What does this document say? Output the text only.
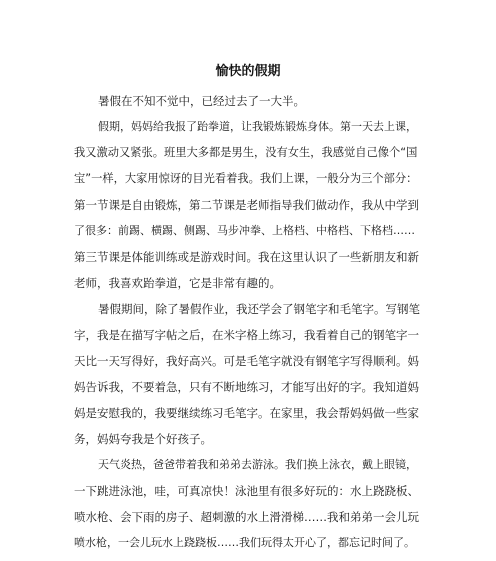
愉快的假期
暑假在不知不觉中，已经过去了一大半。
假期，妈妈给我报了跆拳道，让我锻炼锻炼身体。第一天去上课，
我又激动又紧张。班里大多都是男生，没有女生，我感觉自己像个“国
宝”一样，大家用惊讶的目光看着我。我们上课，一般分为三个部分：
第一节课是自由锻炼，第二节课是老师指导我们做动作，我从中学到
了很多：前踢、横踢、侧踢、马步冲拳、上格档、中格档、下格档……
第三节课是体能训练或是游戏时间。我在这里认识了一些新朋友和新
老师，我喜欢跆拳道，它是非常有趣的。
暑假期间，除了暑假作业，我还学会了钢笔字和毛笔字。写钢笔
字，我是在描写字帖之后，在米字格上练习，我看着自己的钢笔字一
天比一天写得好，我好高兴。可是毛笔字就没有钢笔字写得顺利。妈
妈告诉我，不要着急，只有不断地练习，才能写出好的字。我知道妈
妈是安慰我的，我要继续练习毛笔字。在家里，我会帮妈妈做一些家
务，妈妈夸我是个好孩子。
天气炎热，爸爸带着我和弟弟去游泳。我们换上泳衣，戴上眼镜，
一下跳进泳池，哇，可真凉快！泳池里有很多好玩的：水上跷跷板、
喷水枪、会下雨的房子、超刺激的水上滑滑梯……我和弟弟一会儿玩
喷水枪，一会儿玩水上跷跷板……我们玩得太开心了，都忘记时间了。
